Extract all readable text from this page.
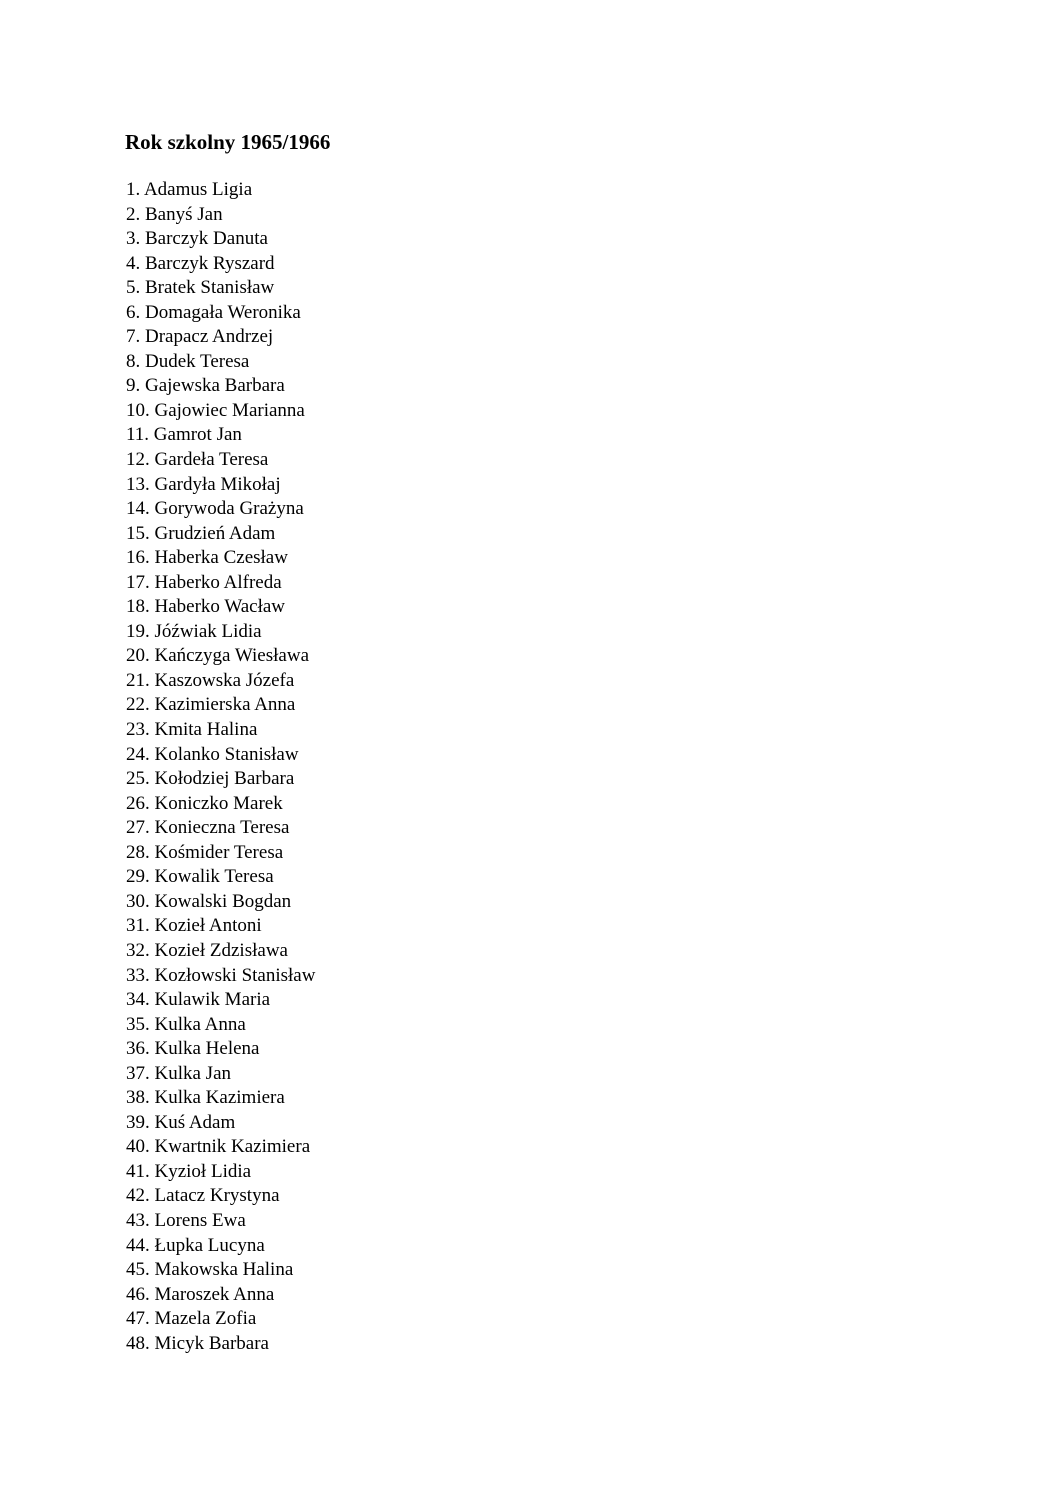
Rok szkolny 1965/1966
1. Adamus Ligia
2. Banyś Jan
3. Barczyk Danuta
4. Barczyk Ryszard
5. Bratek Stanisław
6. Domagała Weronika
7. Drapacz Andrzej
8. Dudek Teresa
9. Gajewska Barbara
10. Gajowiec Marianna
11. Gamrot Jan
12. Gardeła Teresa
13. Gardyła Mikołaj
14. Gorywoda Grażyna
15. Grudzień Adam
16. Haberka Czesław
17. Haberko Alfreda
18. Haberko Wacław
19. Jóźwiak Lidia
20. Kańczyga Wiesława
21. Kaszowska Józefa
22. Kazimierska Anna
23. Kmita Halina
24. Kolanko Stanisław
25. Kołodziej Barbara
26. Koniczko Marek
27. Konieczna Teresa
28. Kośmider Teresa
29. Kowalik Teresa
30. Kowalski Bogdan
31. Kozieł Antoni
32. Kozieł Zdzisława
33. Kozłowski Stanisław
34. Kulawik Maria
35. Kulka Anna
36. Kulka Helena
37. Kulka Jan
38. Kulka Kazimiera
39. Kuś Adam
40. Kwartnik Kazimiera
41. Kyzioł Lidia
42. Latacz Krystyna
43. Lorens Ewa
44. Łupka Lucyna
45. Makowska Halina
46. Maroszek Anna
47. Mazela Zofia
48. Micyk Barbara
